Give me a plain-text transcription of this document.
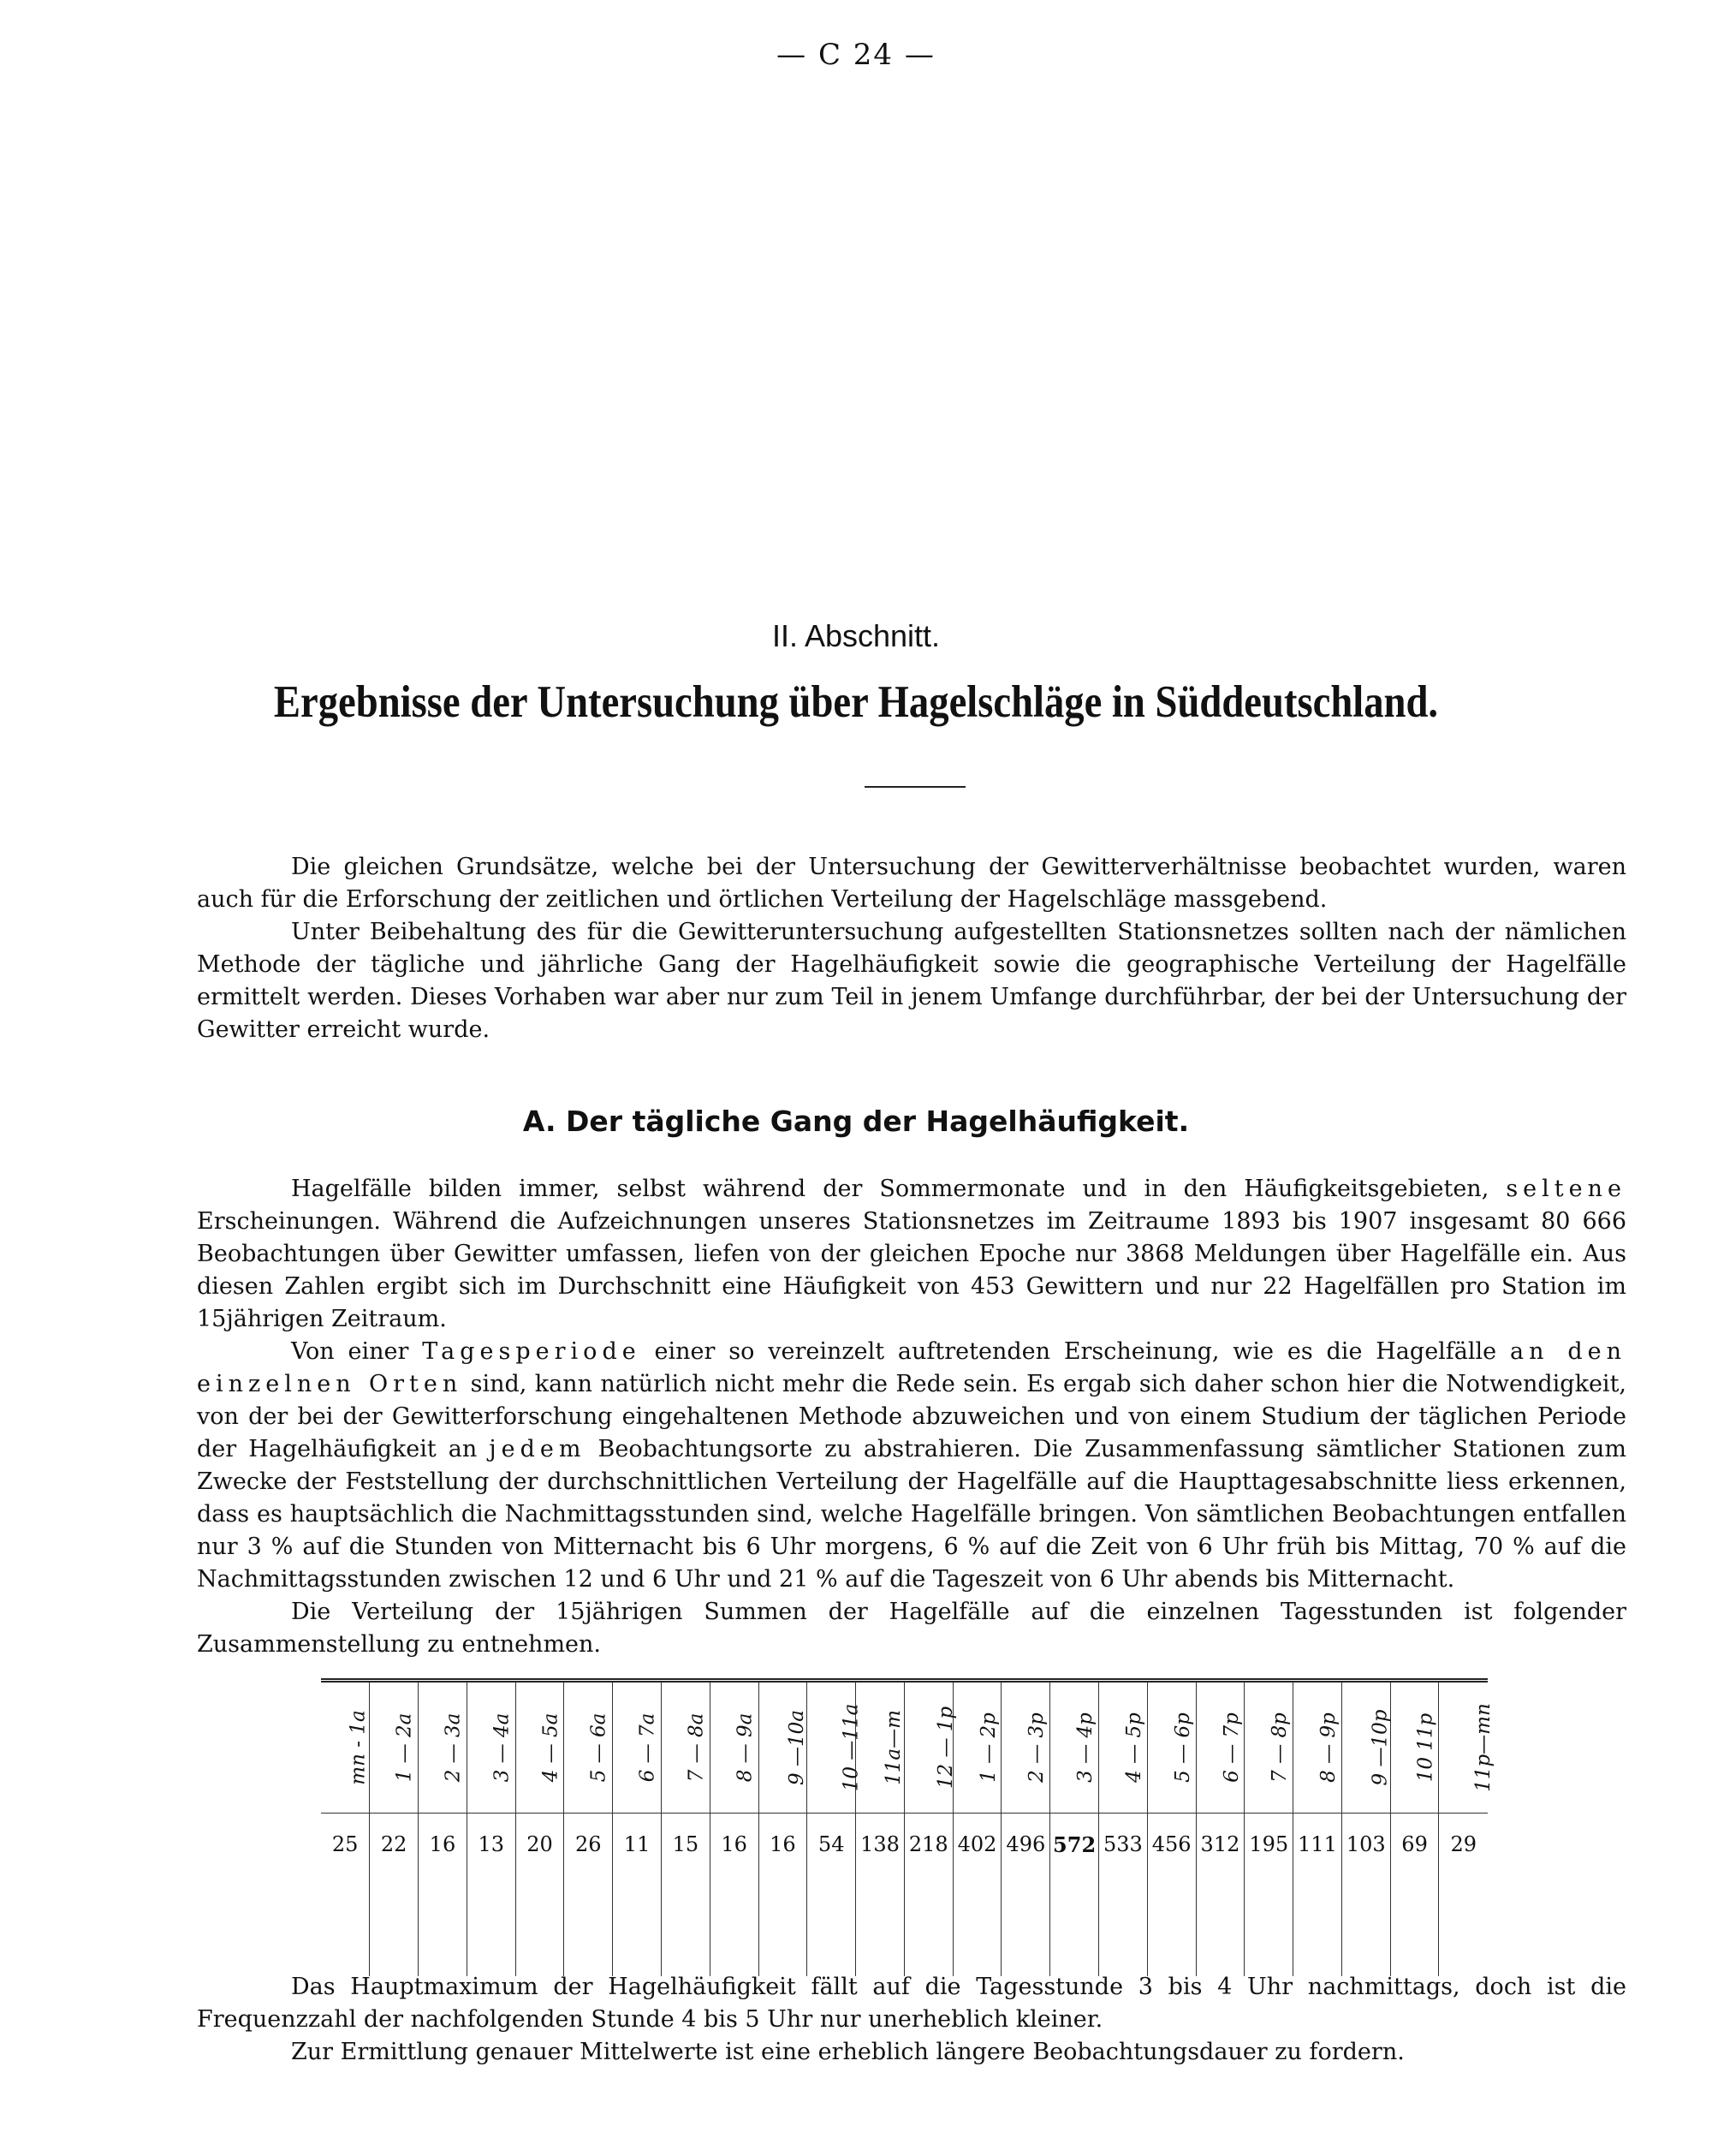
— C 24 —
II. Abschnitt.
Ergebnisse der Untersuchung über Hagelschläge in Süddeutschland.

Die gleichen Grundsätze, welche bei der Untersuchung der Gewitterverhältnisse beobachtet wurden, waren auch für die Erforschung der zeitlichen und örtlichen Verteilung der Hagelschläge massgebend.

Unter Beibehaltung des für die Gewitteruntersuchung aufgestellten Stationsnetzes sollten nach der nämlichen Methode der tägliche und jährliche Gang der Hagelhäufigkeit sowie die geographische Verteilung der Hagelfälle ermittelt werden. Dieses Vorhaben war aber nur zum Teil in jenem Umfange durchführbar, der bei der Untersuchung der Gewitter erreicht wurde.

A. Der tägliche Gang der Hagelhäufigkeit.

Hagelfälle bilden immer, selbst während der Sommermonate und in den Häufigkeitsgebieten, seltene Erscheinungen. Während die Aufzeichnungen unseres Stationsnetzes im Zeitraume 1893 bis 1907 insgesamt 80 666 Beobachtungen über Gewitter umfassen, liefen von der gleichen Epoche nur 3868 Meldungen über Hagelfälle ein. Aus diesen Zahlen ergibt sich im Durchschnitt eine Häufigkeit von 453 Gewittern und nur 22 Hagelfällen pro Station im 15jährigen Zeitraum.

Von einer Tagesperiode einer so vereinzelt auftretenden Erscheinung, wie es die Hagelfälle an den einzelnen Orten sind, kann natürlich nicht mehr die Rede sein. Es ergab sich daher schon hier die Notwendigkeit, von der bei der Gewitterforschung eingehaltenen Methode abzuweichen und von einem Studium der täglichen Periode der Hagelhäufigkeit an jedem Beobachtungsorte zu abstrahieren. Die Zusammenfassung sämtlicher Stationen zum Zwecke der Feststellung der durchschnittlichen Verteilung der Hagelfälle auf die Haupttagesabschnitte liess erkennen, dass es hauptsächlich die Nachmittagsstunden sind, welche Hagelfälle bringen. Von sämtlichen Beobachtungen entfallen nur 3 % auf die Stunden von Mitternacht bis 6 Uhr morgens, 6 % auf die Zeit von 6 Uhr früh bis Mittag, 70 % auf die Nachmittagsstunden zwischen 12 und 6 Uhr und 21 % auf die Tageszeit von 6 Uhr abends bis Mitternacht.

Die Verteilung der 15jährigen Summen der Hagelfälle auf die einzelnen Tagesstunden ist folgender Zusammenstellung zu entnehmen.

mn - 1a	1 — 2a	2 — 3a	3 — 4a	4 — 5a	5 — 6a	6 — 7a	7 — 8a	8 — 9a	9 —10a	10 —11a	11a—m	12 — 1p	1 — 2p	2 — 3p	3 — 4p	4 — 5p	5 — 6p	6 — 7p	7 — 8p	8 — 9p	9 —10p	10 11p	11p—mn
25	22	16	13	20	26	11	15	16	16	54	138	218	402	496	572	533	456	312	195	111	103	69	29

Das Hauptmaximum der Hagelhäufigkeit fällt auf die Tagesstunde 3 bis 4 Uhr nachmittags, doch ist die Frequenzzahl der nachfolgenden Stunde 4 bis 5 Uhr nur unerheblich kleiner.

Zur Ermittlung genauer Mittelwerte ist eine erheblich längere Beobachtungsdauer zu fordern.
